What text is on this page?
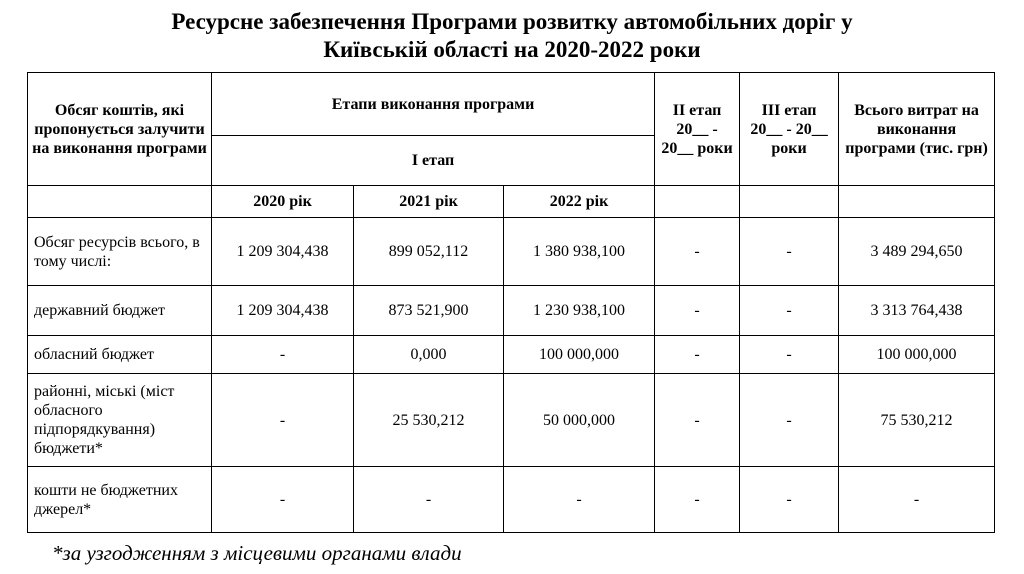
Ресурсне забезпечення Програми розвитку автомобільних доріг у
Київській області на 2020-2022 роки
Обсяг коштів, які пропонується залучити на виконання програми	Етапи виконання програми			ІІ етап 20__ - 20__ роки	ІІІ етап 20__ - 20__ роки	Всього витрат на виконання програми (тис. грн)
	І етап					
	2020 рік	2021 рік	2022 рік			
Обсяг ресурсів всього, в тому числі:	1 209 304,438	899 052,112	1 380 938,100	-	-	3 489 294,650
державний бюджет	1 209 304,438	873 521,900	1 230 938,100	-	-	3 313 764,438
обласний бюджет	-	0,000	100 000,000	-	-	100 000,000
районні, міські (міст обласного підпорядкування) бюджети*	-	25 530,212	50 000,000	-	-	75 530,212
кошти не бюджетних джерел*	-	-	-	-	-	-
*за узгодженням з місцевими органами влади
